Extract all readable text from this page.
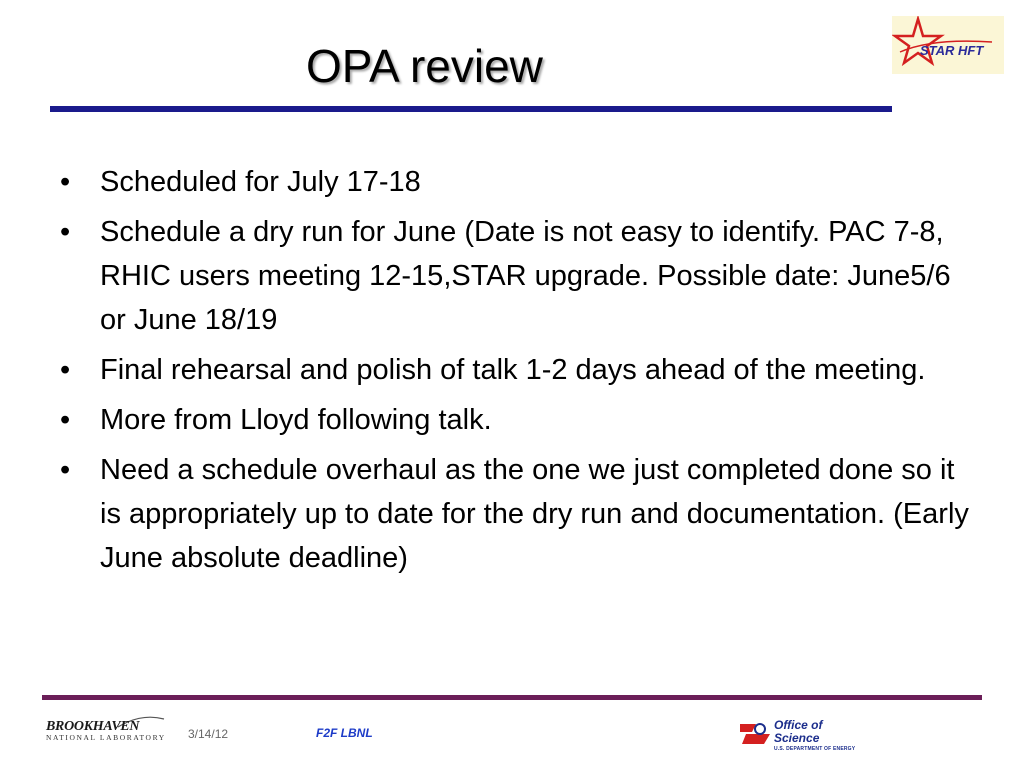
OPA review	STAR HFT
• Scheduled for July 17-18
• Schedule a dry run for June (Date is not easy to identify. PAC 7-8, RHIC users meeting 12-15,STAR upgrade. Possible date: June5/6 or June 18/19
• Final rehearsal and polish of talk 1-2 days ahead of the meeting.
• More from Lloyd following talk.
• Need a schedule overhaul as the one we just completed done so it is appropriately up to date for the dry run and documentation. (Early June absolute deadline)
BROOKHAVEN
NATIONAL LABORATORY 3/14/12	F2F LBNL
Office of
Science
U.S. DEPARTMENT OF ENERGY
